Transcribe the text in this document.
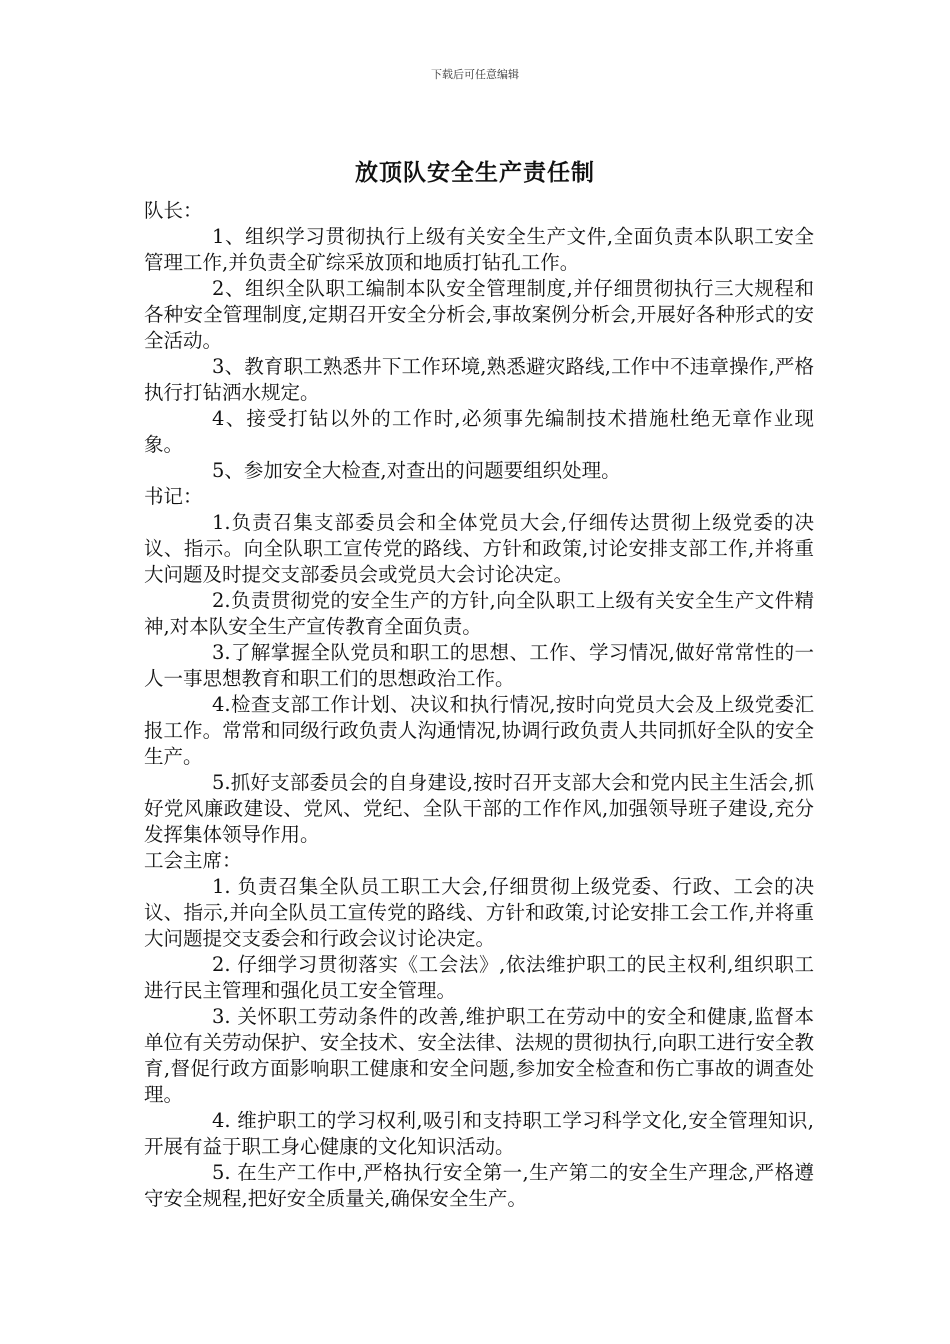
下载后可任意编辑
放顶队安全生产责任制

队长：

1、组织学习贯彻执行上级有关安全生产文件,全面负责本队职工安全管理工作,并负责全矿综采放顶和地质打钻孔工作。

2、组织全队职工编制本队安全管理制度,并仔细贯彻执行三大规程和各种安全管理制度,定期召开安全分析会,事故案例分析会,开展好各种形式的安全活动。

3、教育职工熟悉井下工作环境,熟悉避灾路线,工作中不违章操作,严格执行打钻洒水规定。

4、接受打钻以外的工作时,必须事先编制技术措施杜绝无章作业现象。

5、参加安全大检查,对查出的问题要组织处理。

书记：

1.负责召集支部委员会和全体党员大会,仔细传达贯彻上级党委的决议、指示。向全队职工宣传党的路线、方针和政策,讨论安排支部工作,并将重大问题及时提交支部委员会或党员大会讨论决定。

2.负责贯彻党的安全生产的方针,向全队职工上级有关安全生产文件精神,对本队安全生产宣传教育全面负责。

3.了解掌握全队党员和职工的思想、工作、学习情况,做好常常性的一人一事思想教育和职工们的思想政治工作。

4.检查支部工作计划、决议和执行情况,按时向党员大会及上级党委汇报工作。常常和同级行政负责人沟通情况,协调行政负责人共同抓好全队的安全生产。

5.抓好支部委员会的自身建设,按时召开支部大会和党内民主生活会,抓好党风廉政建设、党风、党纪、全队干部的工作作风,加强领导班子建设,充分发挥集体领导作用。

工会主席：

1. 负责召集全队员工职工大会,仔细贯彻上级党委、行政、工会的决议、指示,并向全队员工宣传党的路线、方针和政策,讨论安排工会工作,并将重大问题提交支委会和行政会议讨论决定。

2. 仔细学习贯彻落实《工会法》,依法维护职工的民主权利,组织职工进行民主管理和强化员工安全管理。

3. 关怀职工劳动条件的改善,维护职工在劳动中的安全和健康,监督本单位有关劳动保护、安全技术、安全法律、法规的贯彻执行,向职工进行安全教育,督促行政方面影响职工健康和安全问题,参加安全检查和伤亡事故的调查处理。

4. 维护职工的学习权利,吸引和支持职工学习科学文化,安全管理知识,开展有益于职工身心健康的文化知识活动。

5. 在生产工作中,严格执行安全第一,生产第二的安全生产理念,严格遵守安全规程,把好安全质量关,确保安全生产。
